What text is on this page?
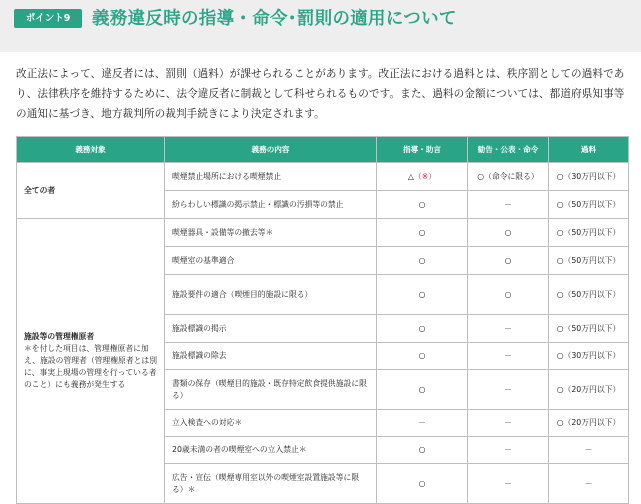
ポイント9	義務違反時の指導・命令･罰則の適用について

改正法によって、違反者には、罰則（過料）が課せられることがあります。改正法における過料とは、秩序罰としての過料であり、法律秩序を維持するために、法令違反者に制裁として科せられるものです。また、過料の金額については、都道府県知事等の通知に基づき、地方裁判所の裁判手続きにより決定されます。

義務対象	義務の内容	指導・助言	勧告・公表・命令	過料

全ての者	喫煙禁止場所における喫煙禁止	△（※）	○（命令に限る）	○（30万円以下）
	紛らわしい標識の掲示禁止・標識の汚損等の禁止	○	－	○（50万円以下）

施設等の管理権原者
＊を付した項目は、管理権原者に加え、施設の管理者（管理権原者とは別に、事実上現場の管理を行っている者のこと）にも義務が発生する	喫煙器具・設備等の撤去等＊	○	○	○（50万円以下）
	喫煙室の基準適合	○	○	○（50万円以下）
	施設要件の適合（喫煙目的施設に限る）	○	○	○（50万円以下）
	施設標識の掲示	○	－	○（50万円以下）
	施設標識の除去	○	－	○（30万円以下）
	書類の保存（喫煙目的施設・既存特定飲食提供施設に限る）	○	－	○（20万円以下）
	立入検査への対応＊	－	－	○（20万円以下）
	20歳未満の者の喫煙室への立入禁止＊	○	－	－
	広告・宣伝（喫煙専用室以外の喫煙室設置施設等に限る）＊	○	－	－
